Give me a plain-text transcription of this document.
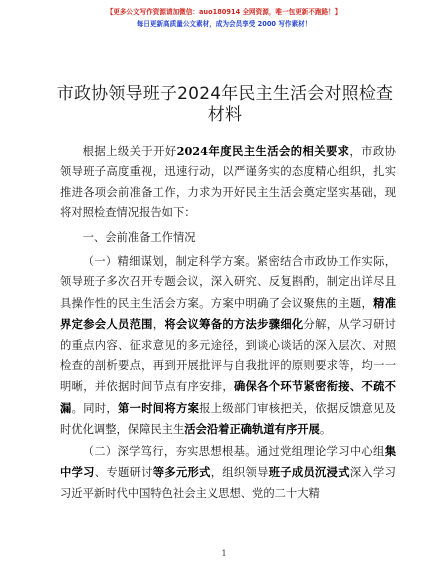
【更多公文写作资源请加微信：auo180914 全网资源，唯一包更新不跑路！】
每日更新高质量公文素材，成为会员享受 2000 写作素材！
市政协领导班子2024年民主生活会对照检查材料

根据上级关于开好2024年度民主生活会的相关要求，市政协领导班子高度重视，迅速行动，以严谨务实的态度精心组织，扎实推进各项会前准备工作，力求为开好民主生活会奠定坚实基础，现将对照检查情况报告如下：

一、会前准备工作情况

（一）精细谋划，制定科学方案。紧密结合市政协工作实际，领导班子多次召开专题会议，深入研究、反复斟酌，制定出详尽且具操作性的民主生活会方案。方案中明确了会议聚焦的主题，精准界定参会人员范围，将会议筹备的方法步骤细化分解，从学习研讨的重点内容、征求意见的多元途径，到谈心谈话的深入层次、对照检查的剖析要点，再到开展批评与自我批评的原则要求等，均一一明晰，并依据时间节点有序安排，确保各个环节紧密衔接、不疏不漏。同时，第一时间将方案报上级部门审核把关，依据反馈意见及时优化调整，保障民主生活会沿着正确轨道有序开展。

（二）深学笃行，夯实思想根基。通过党组理论学习中心组集中学习、专题研讨等多元形式，组织领导班子成员沉浸式深入学习习近平新时代中国特色社会主义思想、党的二十大精

1
